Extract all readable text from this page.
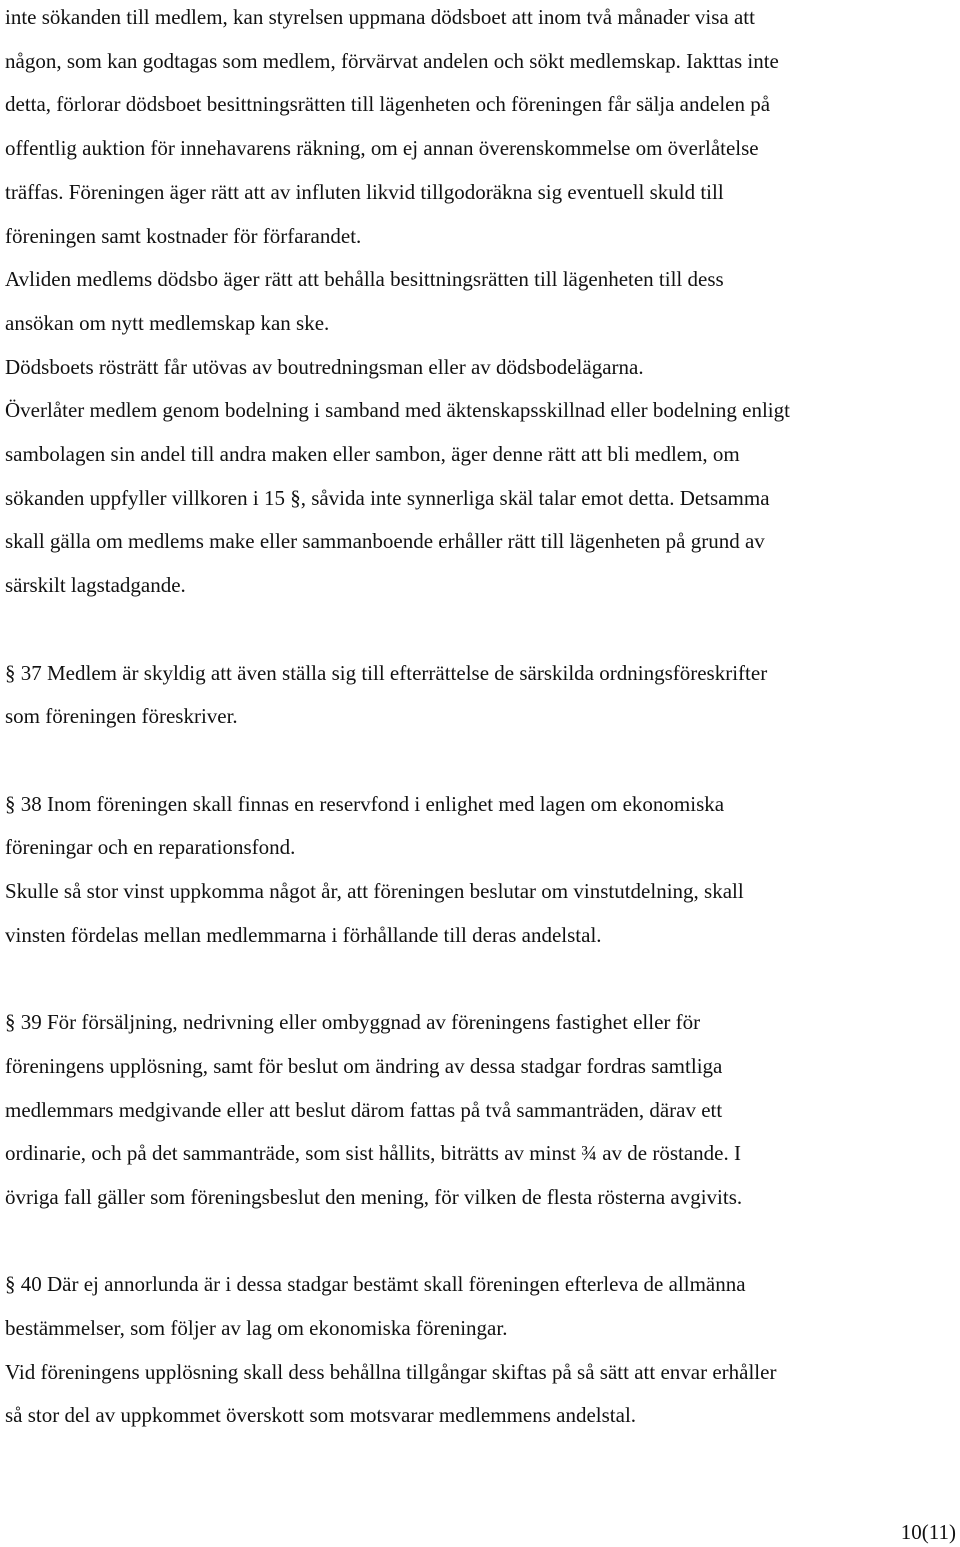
inte sökanden till medlem, kan styrelsen uppmana dödsboet att inom två månader visa att

någon, som kan godtagas som medlem, förvärvat andelen och sökt medlemskap. Iakttas inte

detta, förlorar dödsboet besittningsrätten till lägenheten och föreningen får sälja andelen på

offentlig auktion för innehavarens räkning, om ej annan överenskommelse om överlåtelse

träffas. Föreningen äger rätt att av influten likvid tillgodoräkna sig eventuell skuld till

föreningen samt kostnader för förfarandet.

Avliden medlems dödsbo äger rätt att behålla besittningsrätten till lägenheten till dess

ansökan om nytt medlemskap kan ske.

Dödsboets rösträtt får utövas av boutredningsman eller av dödsbodelägarna.

Överlåter medlem genom bodelning i samband med äktenskapsskillnad eller bodelning enligt

sambolagen sin andel till andra maken eller sambon, äger denne rätt att bli medlem, om

sökanden uppfyller villkoren i 15 §, såvida inte synnerliga skäl talar emot detta. Detsamma

skall gälla om medlems make eller sammanboende erhåller rätt till lägenheten på grund av

särskilt lagstadgande.

§ 37 Medlem är skyldig att även ställa sig till efterrättelse de särskilda ordningsföreskrifter

som föreningen föreskriver.

§ 38 Inom föreningen skall finnas en reservfond i enlighet med lagen om ekonomiska

föreningar och en reparationsfond.

Skulle så stor vinst uppkomma något år, att föreningen beslutar om vinstutdelning, skall

vinsten fördelas mellan medlemmarna i förhållande till deras andelstal.

§ 39 För försäljning, nedrivning eller ombyggnad av föreningens fastighet eller för

föreningens upplösning, samt för beslut om ändring av dessa stadgar fordras samtliga

medlemmars medgivande eller att beslut därom fattas på två sammanträden, därav ett

ordinarie, och på det sammanträde, som sist hållits, biträtts av minst ¾ av de röstande. I

övriga fall gäller som föreningsbeslut den mening, för vilken de flesta rösterna avgivits.

§ 40 Där ej annorlunda är i dessa stadgar bestämt skall föreningen efterleva de allmänna

bestämmelser, som följer av lag om ekonomiska föreningar.

Vid föreningens upplösning skall dess behållna tillgångar skiftas på så sätt att envar erhåller

så stor del av uppkommet överskott som motsvarar medlemmens andelstal.

10(11)
